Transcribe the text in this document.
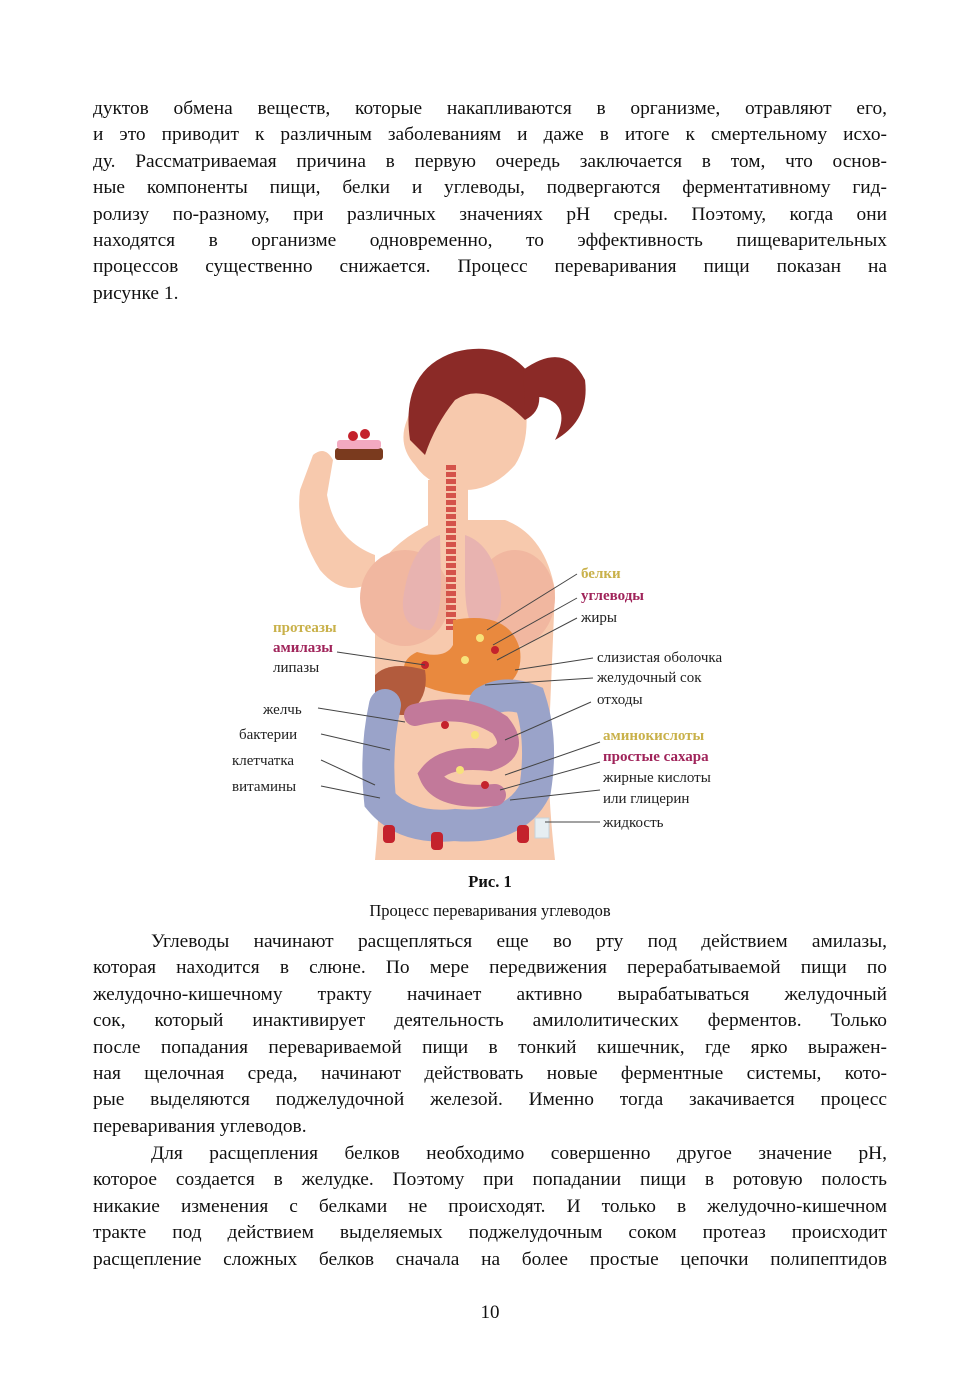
дуктов обмена веществ, которые накапливаются в организме, отравляют его,
и это приводит к различным заболеваниям и даже в итоге к смертельному исхо-
ду. Рассматриваемая причина в первую очередь заключается в том, что основ-
ные компоненты пищи, белки и углеводы, подвергаются ферментативному гид-
ролизу по-разному, при различных значениях pH среды. Поэтому, когда они
находятся в организме одновременно, то эффективность пищеварительных
процессов существенно снижается. Процесс переваривания пищи показан на
рисунке 1.
белки
углеводы
жиры
слизистая оболочка
желудочный сок
отходы
аминокислоты
простые сахара
жирные кислоты
или глицерин
жидкость
протеазы
амилазы
липазы
желчь
бактерии
клетчатка
витамины
Рис. 1
Процесс переваривания углеводов
Углеводы начинают расщепляться еще во рту под действием амилазы,
которая находится в слюне. По мере передвижения перерабатываемой пищи по
желудочно-кишечному тракту начинает активно вырабатываться желудочный
сок, который инактивирует деятельность амилолитических ферментов. Только
после попадания перевариваемой пищи в тонкий кишечник, где ярко выражен-
ная щелочная среда, начинают действовать новые ферментные системы, кото-
рые выделяются поджелудочной железой. Именно тогда закачивается процесс
переваривания углеводов.
Для расщепления белков необходимо совершенно другое значение pH,
которое создается в желудке. Поэтому при попадании пищи в ротовую полость
никакие изменения с белками не происходят. И только в желудочно-кишечном
тракте под действием выделяемых поджелудочным соком протеаз происходит
расщепление сложных белков сначала на более простые цепочки полипептидов
10
